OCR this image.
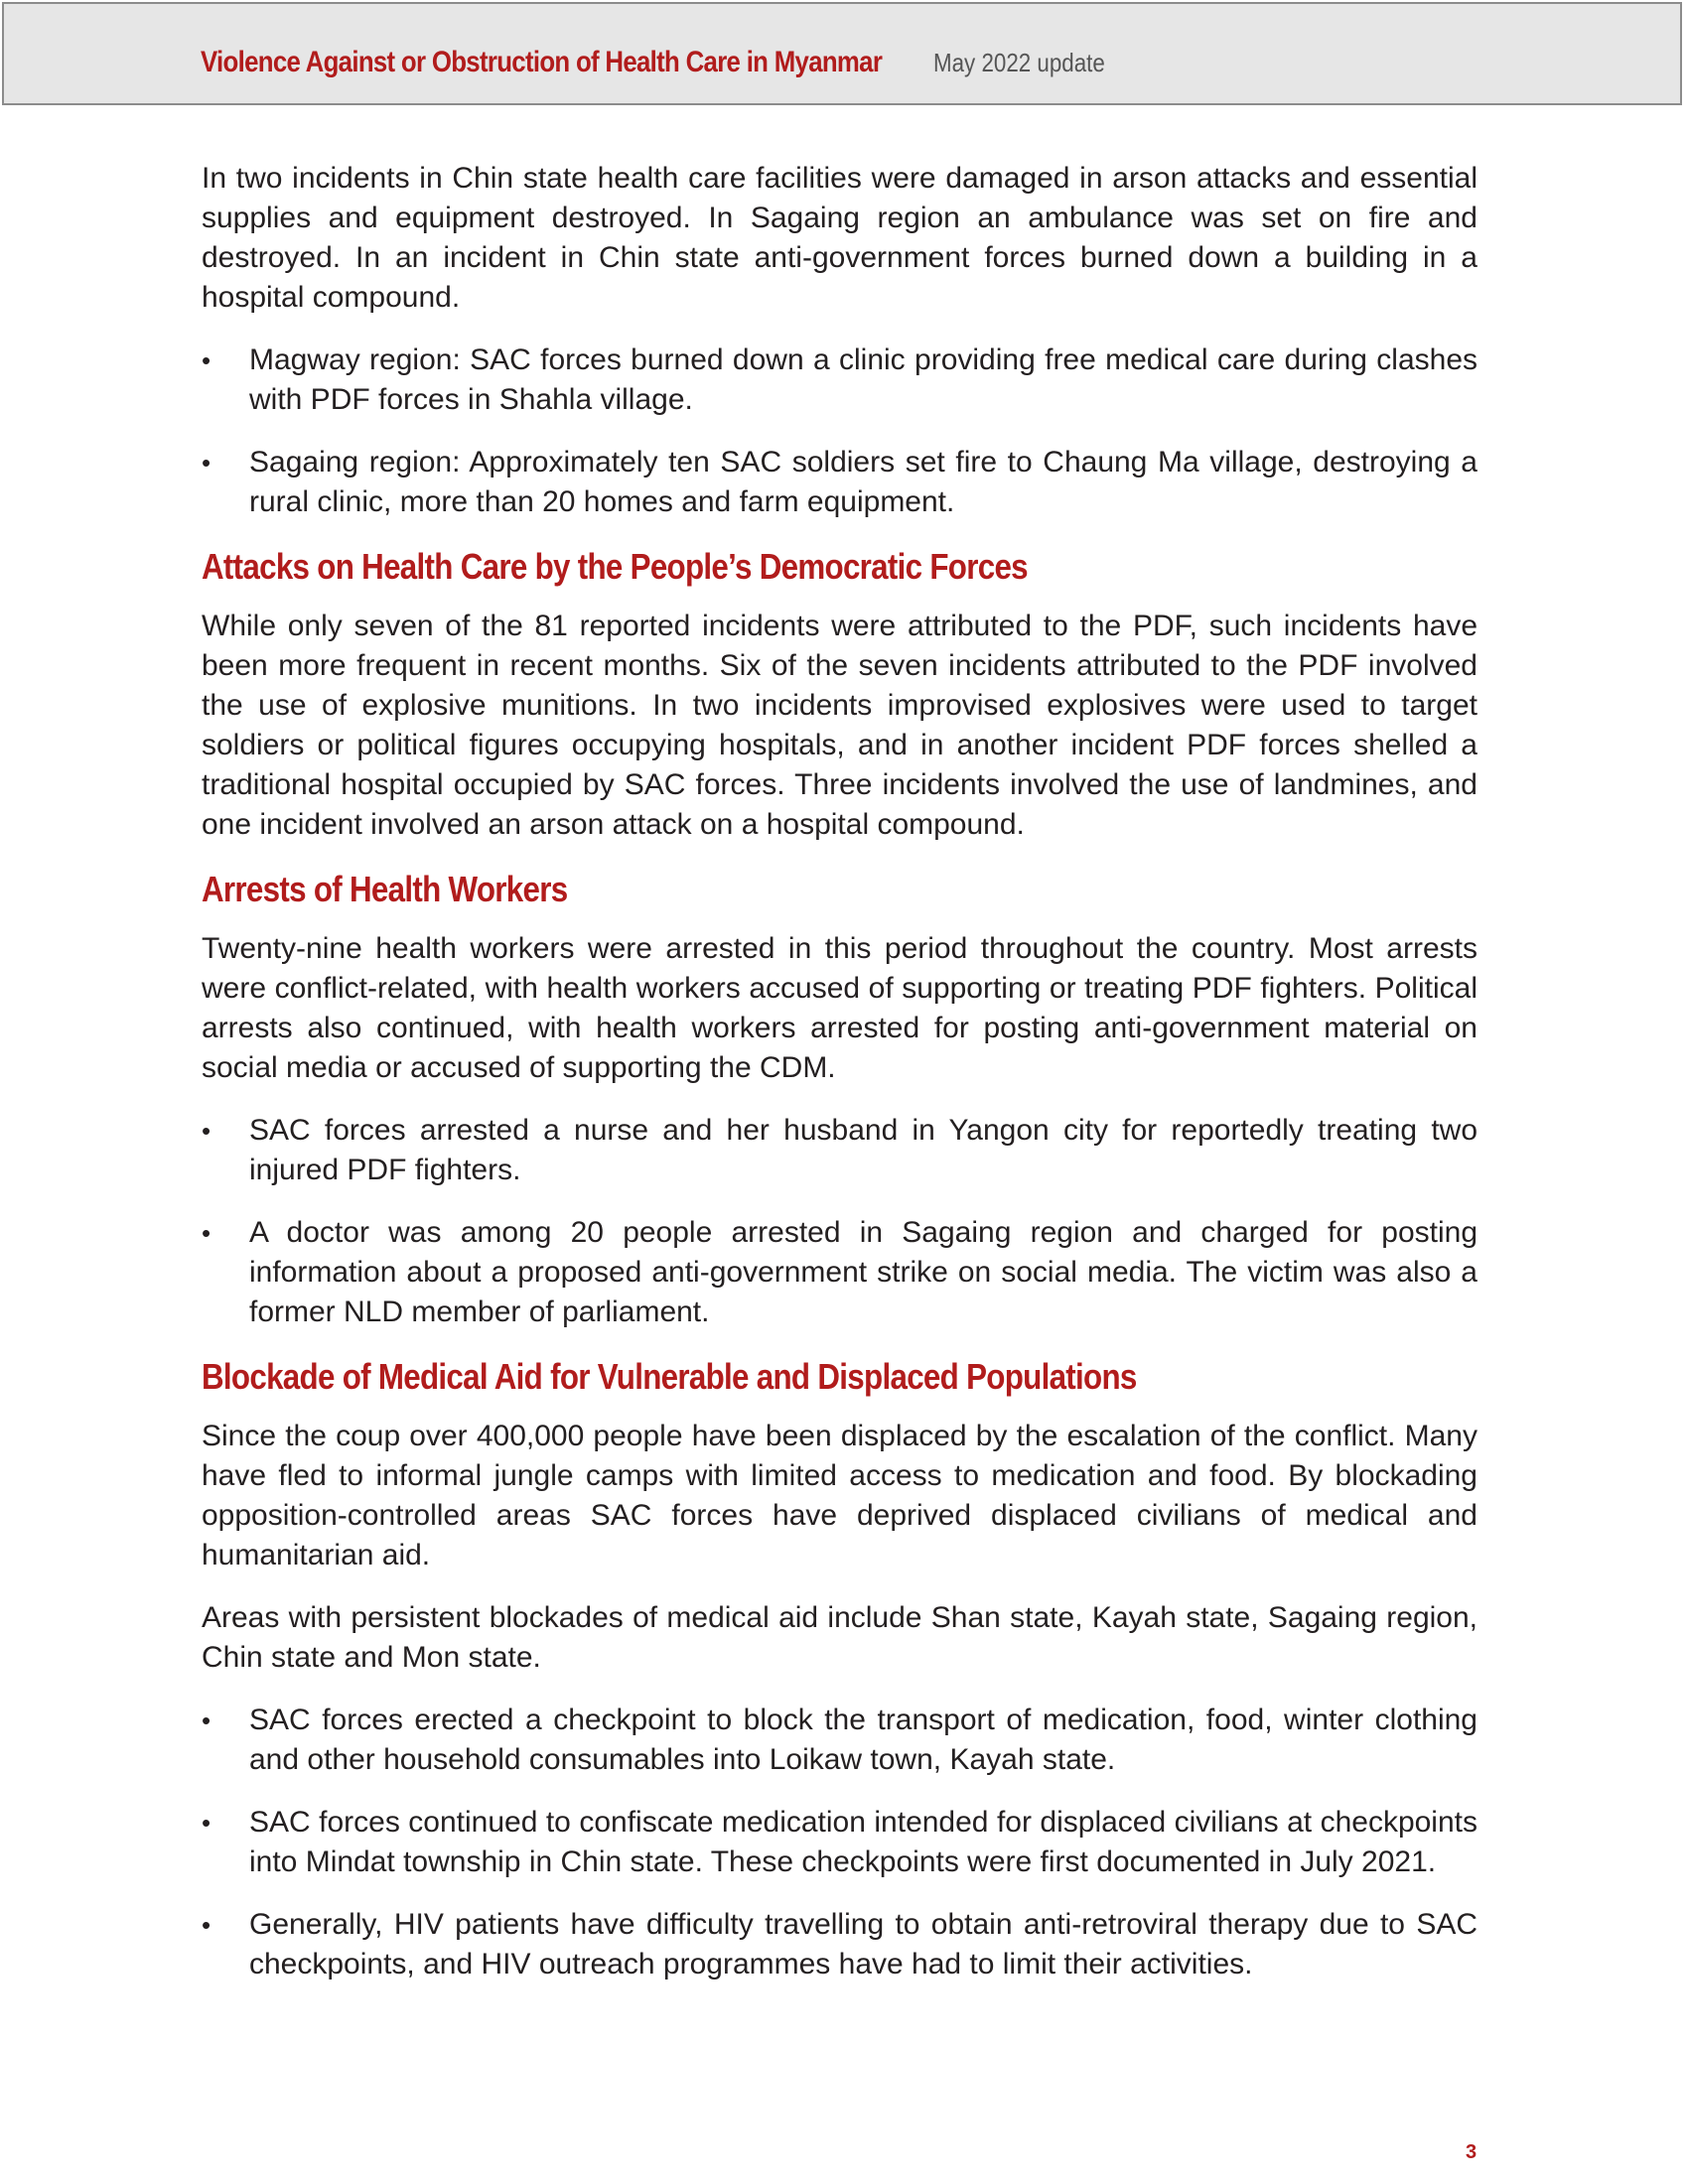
Violence Against or Obstruction of Health Care in Myanmar May 2022 update

In two incidents in Chin state health care facilities were damaged in arson attacks and essential supplies and equipment destroyed. In Sagaing region an ambulance was set on fire and destroyed. In an incident in Chin state anti-government forces burned down a building in a hospital compound.

• Magway region: SAC forces burned down a clinic providing free medical care during clashes with PDF forces in Shahla village.
• Sagaing region: Approximately ten SAC soldiers set fire to Chaung Ma village, destroying a rural clinic, more than 20 homes and farm equipment.
Attacks on Health Care by the People’s Democratic Forces

While only seven of the 81 reported incidents were attributed to the PDF, such incidents have been more frequent in recent months. Six of the seven incidents attributed to the PDF involved the use of explosive munitions. In two incidents improvised explosives were used to target soldiers or political figures occupying hospitals, and in another incident PDF forces shelled a traditional hospital occupied by SAC forces. Three incidents involved the use of landmines, and one incident involved an arson attack on a hospital compound.

Arrests of Health Workers

Twenty-nine health workers were arrested in this period throughout the country. Most arrests were conflict-related, with health workers accused of supporting or treating PDF fighters. Political arrests also continued, with health workers arrested for posting anti-government material on social media or accused of supporting the CDM.

• SAC forces arrested a nurse and her husband in Yangon city for reportedly treating two injured PDF fighters.
• A doctor was among 20 people arrested in Sagaing region and charged for posting information about a proposed anti-government strike on social media. The victim was also a former NLD member of parliament.
Blockade of Medical Aid for Vulnerable and Displaced Populations

Since the coup over 400,000 people have been displaced by the escalation of the conflict. Many have fled to informal jungle camps with limited access to medication and food. By blockading opposition-controlled areas SAC forces have deprived displaced civilians of medical and humanitarian aid.

Areas with persistent blockades of medical aid include Shan state, Kayah state, Sagaing region, Chin state and Mon state.

• SAC forces erected a checkpoint to block the transport of medication, food, winter clothing and other household consumables into Loikaw town, Kayah state.
• SAC forces continued to confiscate medication intended for displaced civilians at checkpoints into Mindat township in Chin state. These checkpoints were first documented in July 2021.
• Generally, HIV patients have difficulty travelling to obtain anti-retroviral therapy due to SAC checkpoints, and HIV outreach programmes have had to limit their activities.
3
